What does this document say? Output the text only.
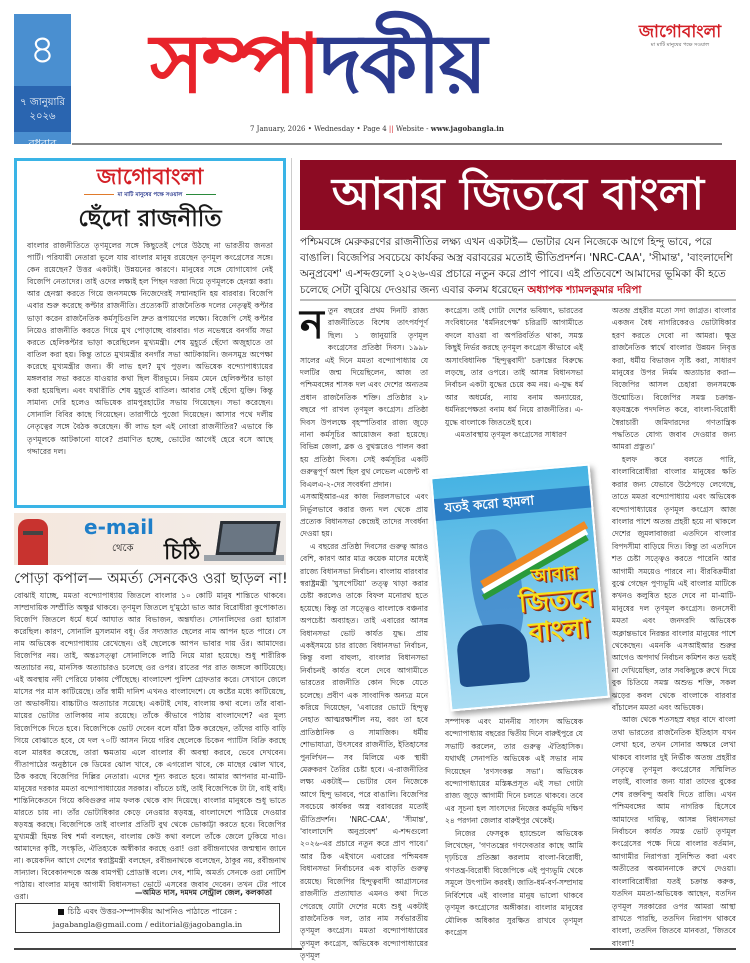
৪
৭ জানুয়ারি ২০২৬
বুধবার
সম্পাদকীয়	জাগোবাংলা
মা মাটি মানুষের পক্ষে সওয়াল
7 January, 2026 • Wednesday • Page 4 || Website - www.jagobangla.in
জাগোবাংলা
মা মাটি মানুষের পক্ষে সওয়াল
ছেঁদো রাজনীতি
বাংলার রাজনীতিতে তৃণমূলের সঙ্গে কিছুতেই পেরে উঠছে না ভারতীয় জনতা পার্টি। পরিযায়ী নেতারা ভুলে যায় বাংলার মানুষ রয়েছেন তৃণমূল কংগ্রেসের সঙ্গে। কেন রয়েছেন? উত্তর একটাই। উন্নয়নের কারণে। মানুষের সঙ্গে যোগাযোগ নেই বিজেপি নেতাদের। তাই ওদের লক্ষ্যই হল পিছন দরজা দিয়ে তৃণমূলকে হেনস্তা করা। আর হেনস্তা করতে গিয়ে জনসমক্ষে নিজেদেরই সম্মানহানি হয় বারবার। বিজেপি এবার শুরু করেছে কপ্টার রাজনীতি। প্রত্যেকটি রাজনৈতিক দলের নেতৃত্বই কপ্টার ভাড়া করেন রাজনৈতিক কর্মসূচিগুলি দ্রুত রূপায়ণের লক্ষ্যে। বিজেপি সেই কপ্টার নিয়েও রাজনীতি করতে গিয়ে মুখ পোড়াচ্ছে বারবার। গত নভেম্বরে বনগাঁয় সভা করতে হেলিকপ্টার ভাড়া করেছিলেন মুখ্যমন্ত্রী। শেষ মুহূর্তে ছেঁদো অজুহাতে তা বাতিল করা হয়। কিন্তু তাতে মুখ্যমন্ত্রীর বনগাঁর সভা আটকায়নি। জনসমুদ্র অপেক্ষা করেছে মুখ্যমন্ত্রীর জন্য। কী লাভ হল? মুখ পুড়ল। অভিষেক বন্দ্যোপাধ্যায়ের মঙ্গলবার সভা করতে যাওয়ার কথা ছিল বীরভূমে। নিয়ম মেনে হেলিকপ্টার ভাড়া করা হয়েছিল। এবং যথারীতি শেষ মুহূর্তে বাতিল। আবার সেই ছেঁদো যুক্তি। কিন্তু সামান্য দেরি হলেও অভিষেক রামপুরহাটের সভায় গিয়েছেন। সভা করেছেন। সোনালি বিবির কাছে গিয়েছেন। তারাপীঠে পুজো দিয়েছেন। আসার পথে দলীয় নেতৃত্বের সঙ্গে বৈঠক করেছেন। কী লাভ হল এই নোংরা রাজনীতির? এভাবে কি তৃণমূলকে আটকানো যাবে? প্রমাণিত হচ্ছে, ভোটের আগেই হেরে বসে আছে গদ্দারের দল।
e-mail
থেকে চিঠি
পোড়া কপাল— অমর্ত্য সেনকেও ওরা ছাড়ল না!
বোঝাই যাচ্ছে, মমতা বন্দ্যোপাধ্যায় জিতলে বাংলার ১০ কোটি মানুষ শান্তিতে থাকবে। সাম্প্রদায়িক সম্প্রীতি অক্ষুণ্ণ থাকবে। তৃণমূল জিতলে দু'মুঠো ভাত আর বিরোধীরা কুপোকাত। বিজেপি জিতলে ধর্মে ধর্মে আঘাত আর বিভাজন, অন্তর্ঘাত। সোনালিদের ওরা হ্যারাস করেছিল। কারণ, সোনালি মুসলমান বধূ। ওঁর সদ্যজাত ছেলের নাম আপন হতে পারে। সে নাম অভিষেক বন্দ্যোপাধ্যায় রেখেছেন। ওই ছেলেকে আপন ভাবার দায় ওঁর। আমাদের। বিজেপির নয়। তাই, অন্তঃসত্ত্বা সোনালিকে লাঠি নিয়ে মারা হয়েছে। শুধু শারীরিক অত্যাচার নয়, মানসিক অত্যাচারও চলেছে ওর ওপর। রাতের পর রাত জঙ্গলে কাটিয়েছে। এই অবস্থায় নদী পেরিয়ে ঢাকায় পৌঁছেছে। বাংলাদেশ পুলিশ গ্রেফতার করে। সেখানে জেলে মাসের পর মাস কাটিয়েছে। তাঁর স্বামী দানিশ এখনও বাংলাদেশে। যে কষ্টের মধ্যে কাটিয়েছে, তা অভাবনীয়। বাচ্চাটাও অত্যাচার সয়েছে। একটাই দোষ, বাংলায় কথা বলে। তাঁর বাবা-মায়ের ভোটার তালিকায় নাম রয়েছে। তাঁকে কীভাবে পাঠায় বাংলাদেশে? এর মূল্য বিজেপিকে দিতে হবে। বিজেপিকে ভোট দেবেন বলে যাঁরা ঠিক করেছেন, তাঁদের বাড়ি বাড়ি গিয়ে বোঝাতে হবে, যে দল ৭০টি আসন নিয়ে গরিব ছেলেকে চিকেন প্যাটিস বিক্রি করছে বলে মারধর করেছে, তারা ক্ষমতায় এলে বাংলার কী অবস্থা করবে, ভেবে দেখবেন। গীতাপাঠের অনুষ্ঠানে কে ডিমের ঝোল খাবে, কে এগরোল খাবে, কে মাছের ঝোল খাবে, ঠিক করছে বিজেপির দিল্লির নেতারা। এদের শূন্য করতে হবে। আমার আপনার মা-মাটি-মানুষের দরকার মমতা বন্দ্যোপাধ্যায়ের সরকার। বাঁচতে চাই, তাই বিজেপিকে টা টা, বাই বাই। শান্তিনিকেতনে গিয়ে কবিগুরুর নাম ফলক থেকে বাদ দিয়েছে। বাংলার মানুষকে শুধু ভাতে মারতে চায় না। তাঁর ভোটাধিকার কেড়ে নেওয়ার ষড়যন্ত্র, বাংলাদেশে পাঠিয়ে দেওয়ার ষড়যন্ত্র করছে। বিজেপিকে তাই বাংলার প্রতিটি বুথ থেকে ভোকাট্টা করতে হবে। বিজেপির মুখ্যমন্ত্রী হিমন্ত বিশ্ব শর্মা বলছেন, বাংলায় কেউ কথা বললে তাঁকে জেলে ঢুকিয়ে দাও। আমাদের কৃষ্টি, সংস্কৃতি, ঐতিহ্যকে অস্বীকার করছে ওরা! ওরা রবীন্দ্রনাথের জন্মস্থান জানে না। কয়েকদিন আগে দেশের স্বরাষ্ট্রমন্ত্রী বলছেন, রবীন্দ্রনাথকে বলেছেন, ঠাকুর নয়, রবীন্দ্রনাথ সান্যাল। বিবেকানন্দকে অজ্ঞ বামপন্থী প্রোডাক্ট বলে। দেব, শামি, অমর্ত্য সেনকে ওরা নোটিশ পাঠায়। বাংলার মানুষ আগামী বিধানসভা ভোটে এসবের জবাব দেবেন। তখন টের পাবে ওরা।	—অমিত দাস, দমদম সেন্ট্রাল জেল, কলকাতা
চিঠি এবং উত্তর-সম্পাদকীয় আপনিও পাঠাতে পারেন :
jagabangla@gmail.com / editorial@jagobangla.in
আবার জিতবে বাংলা
পশ্চিমবঙ্গে মেরুকরণের রাজনীতির লক্ষ্য এখন একটাই— ভোটার যেন নিজেকে আগে হিন্দু ভাবে, পরে বাঙালি। বিজেপির সবচেয়ে কার্যকর অস্ত্র বরাবরের মতোই ভীতিপ্রদর্শন। 'NRC-CAA', 'সীমান্ত', 'বাংলাদেশি অনুপ্রবেশ' এ-শব্দগুলো ২০২৬-এর প্রচারে নতুন করে প্রাণ পাবে। এই প্রতিবেশে আমাদের ভূমিকা কী হতে চলেছে সেটা বুঝিয়ে দেওয়ার জন্য এবার কলম ধরেছেন অধ্যাপক শ্যামলকুমার দরিপা

নতুন বছরের প্রথম দিনটি রাজ্য রাজনীতিতে বিশেষ তাৎপর্যপূর্ণ ছিল। ১ জানুয়ারি তৃণমূল কংগ্রেসের প্রতিষ্ঠা দিবস। ১৯৯৮ সালের এই দিনে মমতা বন্দ্যোপাধ্যায় যে দলটির জন্ম দিয়েছিলেন, আজ তা পশ্চিমবঙ্গের শাসক দল এবং দেশের অন্যতম প্রধান রাজনৈতিক শক্তি। প্রতিষ্ঠার ২৮ বছরে পা রাখল তৃণমূল কংগ্রেস। প্রতিষ্ঠা দিবস উপলক্ষে বৃহস্পতিবার রাজ্য জুড়ে নানা কর্মসূচির আয়োজন করা হয়েছে। বিভিন্ন জেলা, ব্লক ও বুথস্তরেও পালন করা হয় প্রতিষ্ঠা দিবস। সেই কর্মসূচির একটি গুরুত্বপূর্ণ অংশ ছিল বুথ লেভেল এজেন্ট বা বিএলএ-২-দের সংবর্ধনা প্রদান।

এসআইআর-এর কাজ নিরলসভাবে এবং নির্ভুলভাবে করার জন্য দল থেকে প্রায় প্রত্যেক বিধানসভা কেন্দ্রেই তাদের সংবর্ধনা দেওয়া হয়।

এ বছরের প্রতিষ্ঠা দিবসের গুরুত্ব আরও বেশি, কারণ আর মাত্র কয়েক মাসের মধ্যেই রাজ্যে বিধানসভা নির্বাচন। বাংলায় বারংবার স্বরাষ্ট্রমন্ত্রী 'ঘুসপেটিয়া' তত্ত্ব খাড়া করার চেষ্টা করলেও তাকে বিফল মনোরথ হতে হয়েছে। কিন্তু তা সত্ত্বেও বাংলাকে বঞ্চনার অপচেষ্টা অব্যাহত। তাই এবারের আসন্ন বিধানসভা ভোট কার্যত যুদ্ধ। প্রায় একইসময়ে চার রাজ্যে বিধানসভা নির্বাচন, কিন্তু বলা বাহুল্য, বাংলার বিধানসভা নির্বাচনই কার্যত বলে দেবে আগামীতে ভারতের রাজনীতি কোন দিকে যেতে চলেছে। প্রবীণ এক সাংবাদিক অন্যত্র মনে করিয়ে দিয়েছেন, 'এবারের ভোটে হিন্দুত্ব নেহাত আত্মরক্ষাশীল নয়, বরং তা হবে প্রাতিষ্ঠানিক ও সামাজিক। ধর্মীয় শোভাযাত্রা, উৎসবের রাজনীতি, ইতিহাসের পুনর্লিখন— সব মিলিয়ে এক স্থায়ী মেরুকরণ তৈরির চেষ্টা হবে। এ-রাজনীতির লক্ষ্য একটাই— ভোটার যেন নিজেকে আগে হিন্দু ভাববে, পরে বাঙালি। বিজেপির সবচেয়ে কার্যকর অস্ত্র বরাবরের মতোই ভীতিপ্রদর্শন। 'NRC-CAA', 'সীমান্ত', 'বাংলাদেশি অনুপ্রবেশ' এ-শব্দগুলো ২০২৬-এর প্রচারে নতুন করে প্রাণ পাবে।' আর ঠিক এইখানে এবারের পশ্চিমবঙ্গ বিধানসভা নির্বাচনের এক বাড়তি গুরুত্ব রয়েছে। বিজেপির হিন্দুত্ববাদী আগ্রাসনের রাজনীতি প্রত্যাঘাত এমনও কথা দিতে পেরেছে যোটা দেশের মধ্যে শুধু একটাই রাজনৈতিক দল, তার নাম সর্বভারতীয় তৃণমূল কংগ্রেস। মমতা বন্দ্যোপাধ্যায়ের তৃণমূল কংগ্রেস, অভিষেক বন্দ্যোপাধ্যায়ের তৃণমূল

কংগ্রেস। তাই গোটা দেশের ভবিষ্যৎ, ভারতের সংবিধানের 'ধর্মনিরপেক্ষ' চরিত্রটি আগামীতে বদলে যাওয়া বা অপরিবর্তিত থাকা, সমস্ত কিছুই নির্ভর করছে তৃণমূল কংগ্রেস কীভাবে এই অসাংবিধানিক 'হিন্দুত্ববাদী' চক্রান্তের বিরুদ্ধে লড়ছে, তার ওপরে। তাই আসন্ন বিধানসভা নির্বাচন একটা যুদ্ধের চেয়ে কম নয়। এ-যুদ্ধ ধর্ম আর অধর্মের, ন্যায় বনাম অন্যায়ের, ধর্মনিরপেক্ষতা বনাম ধর্ম নিয়ে রাজনীতির। এ-যুদ্ধে বাংলাকে জিততেই হবে।

এমতাবস্থায় তৃণমূল কংগ্রেসের সাধারণ

সম্পাদক এবং মাননীয় সাংসদ অভিষেক বন্দ্যোপাধ্যায় বছরের দ্বিতীয় দিনে বারুইপুরে যে সভাটি করলেন, তার গুরুত্ব ঐতিহাসিক। যথার্থই সেনাপতি অভিষেক এই সভার নাম দিয়েছেন 'রণসংকল্প সভা'। অভিষেক বন্দ্যোপাধ্যায়ের মস্তিষ্কপ্রসূত এই সভা গোটা রাজ্য জুড়ে আগামী দিনে চলতে থাকবে। তবে এর সূচনা হল সাংসদের নিজের কর্মভূমি দক্ষিণ ২৪ পরগনা জেলার বারুইপুর থেকেই।

নিজের ফেসবুক হ্যান্ডেলে অভিষেক লিখেছেন, 'গণতন্ত্রের গণদেবতার কাছে আমি দৃঢ়চিত্তে প্রতিজ্ঞা করলাম বাংলা-বিরোধী, গণতন্ত্র-বিরোধী বিজেপিকে এই পুণ্যভূমি থেকে সমূলে উৎপাটন করবই। জাতি-ধর্ম-বর্ণ-সম্প্রদায় নির্বিশেষে এই বাংলার মানুষ ভালো থাকবে তৃণমূল কংগ্রেসের অঙ্গীকার। বাংলার মানুষের মৌলিক অধিকার সুরক্ষিত রাখবে তৃণমূল কংগ্রেস

অতন্দ্র প্রহরীর মতো সদা জাগ্রত। বাংলার একজন বৈধ নাগরিকেরও ভোটাধিকার হরণ করতে দেবো না আমরা। ক্ষুদ্র রাজনৈতিক স্বার্থে বাংলার উন্নয়ন নিবৃত্ত করা, ধর্মীয় বিভাজন সৃষ্টি করা, সাধারণ মানুষের উপর নির্মম অত্যাচার করা— বিজেপির আসল চেহারা জনসমক্ষে উন্মোচিত। বিজেপির সমস্ত চক্রান্ত-ষড়যন্ত্রকে পদদলিত করে, বাংলা-বিরোধী স্বৈরাচারী জমিদারদের গণতান্ত্রিক পদ্ধতিতে যোগ্য জবাব দেওয়ার জন্য আমরা প্রস্তুত।'

হলফ করে বলতে পারি, বাংলাবিরোধীরা বাংলার মানুষের ক্ষতি করার জন্য যেভাবে উঠেপড়ে লেগেছে, তাতে মমতা বন্দ্যোপাধ্যায় এবং অভিষেক বন্দ্যোপাধ্যায়ের তৃণমূল কংগ্রেস আজ বাংলার পাশে অতন্দ্র প্রহরী হয়ে না থাকলে দেশের জুমলাবাজরা এতদিনে বাংলার বিপদসীমা বাড়িয়ে দিত। কিন্তু তা এতদিনে শত চেষ্টা সত্ত্বেও করতে পারেনি আর আগামী সময়েও পারবে না। বীরবিক্রমীরা বুঝে গেছেন পুণ্যভূমি এই বাংলার মাটিকে কখনও কলুষিত হতে দেবে না মা-মাটি-মানুষের দল তৃণমূল কংগ্রেস। জনসেবী মমতা এবং জনদরদি অভিষেক অক্লান্তভাবে নিরন্তর বাংলার মানুষের পাশে থেকেছেন। এমনকি এসআইআর শুরুর আগেও অপদার্থ নির্বাচন কমিশন কত ভয়ই না দেখিয়েছিল, তার সবকিছুকে রুখে দিয়ে বুক চিতিয়ে সমস্ত অশুভ শক্তি, সকল ঝড়ের কবল থেকে বাংলাকে বারবার বাঁচালেন মমতা এবং অভিষেক।

আজ থেকে শতসহস্র বছর বাদে বাংলা তথা ভারতের রাজনৈতিক ইতিহাস যখন লেখা হবে, তখন সোনার অক্ষরে লেখা থাকবে বাংলার দুই নির্ভীক অতন্দ্র প্রহরীর নেতৃত্বে তৃণমূল কংগ্রেসের সম্মিলিত লড়াই, বাংলার জন্য যারা তাদের বুকের শেষ রক্তবিন্দু অবধি দিতে রাজি। এখন পশ্চিমবঙ্গের আম নাগরিক হিসেবে আমাদের দায়িত্ব, আসন্ন বিধানসভা নির্বাচনে কার্যত সমস্ত ভোট তৃণমূল কংগ্রেসের পক্ষে দিয়ে বাংলার বর্তমান, আগামীর নিরাপত্তা সুনিশ্চিত করা এবং অতীতের অবমাননাকে রুখে দেওয়া। বাংলাবিরোধীরা যতই চক্রান্ত করুক, যতদিন মমতা-অভিষেক আছেন, যতদিন তৃণমূল সরকারের ওপর আমরা আস্থা রাখতে পারছি, ততদিন নিরাপদ থাকবে বাংলা, ততদিন জিতবে মানবতা, 'জিতবে বাংলা'!

যতই করো হামলা
আবার
জিতবে
বাংলা
